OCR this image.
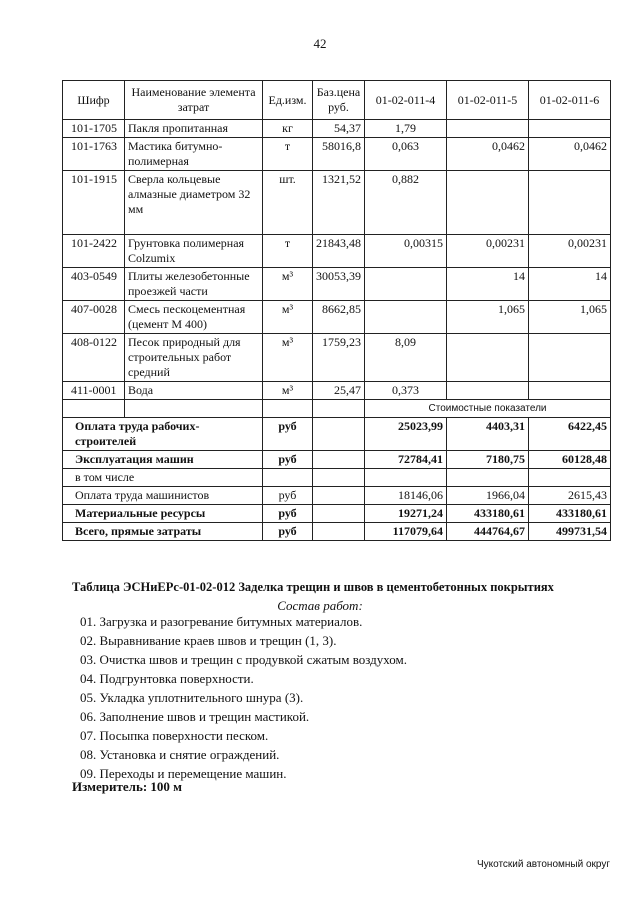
42
Шифр	Наименование элемента затрат	Ед.изм.	Баз.цена руб.	01-02-011-4	01-02-011-5	01-02-011-6
101-1705	Пакля пропитанная	кг	54,37	1,79		
101-1763	Мастика битумно-полимерная	т	58016,8	0,063	0,0462	0,0462
101-1915	Сверла кольцевые алмазные диаметром 32 мм	шт.	1321,52	0,882		
101-2422	Грунтовка полимерная Colzumix	т	21843,48	0,00315	0,00231	0,00231
403-0549	Плиты железобетонные проезжей части	м³	30053,39		14	14
407-0028	Смесь пескоцементная (цемент М 400)	м³	8662,85		1,065	1,065
408-0122	Песок природный для строительных работ средний	м³	1759,23	8,09		
411-0001	Вода	м³	25,47	0,373		
				Стоимостные показатели		
Оплата труда рабочих-строителей		руб		25023,99	4403,31	6422,45
Эксплуатация машин		руб		72784,41	7180,75	60128,48
в том числе						
Оплата труда машинистов		руб		18146,06	1966,04	2615,43
Материальные ресурсы		руб		19271,24	433180,61	433180,61
Всего, прямые затраты		руб		117079,64	444764,67	499731,54
Таблица ЭСНиЕРс-01-02-012 Заделка трещин и швов в цементобетонных покрытиях
Состав работ:
01. Загрузка и разогревание битумных материалов.
02. Выравнивание краев швов и трещин (1, 3).
03. Очистка швов и трещин с продувкой сжатым воздухом.
04. Подгрунтовка поверхности.
05. Укладка уплотнительного шнура (3).
06. Заполнение швов и трещин мастикой.
07. Посыпка поверхности песком.
08. Установка и снятие ограждений.
09. Переходы и перемещение машин.
Измеритель: 100 м
Чукотский автономный округ
